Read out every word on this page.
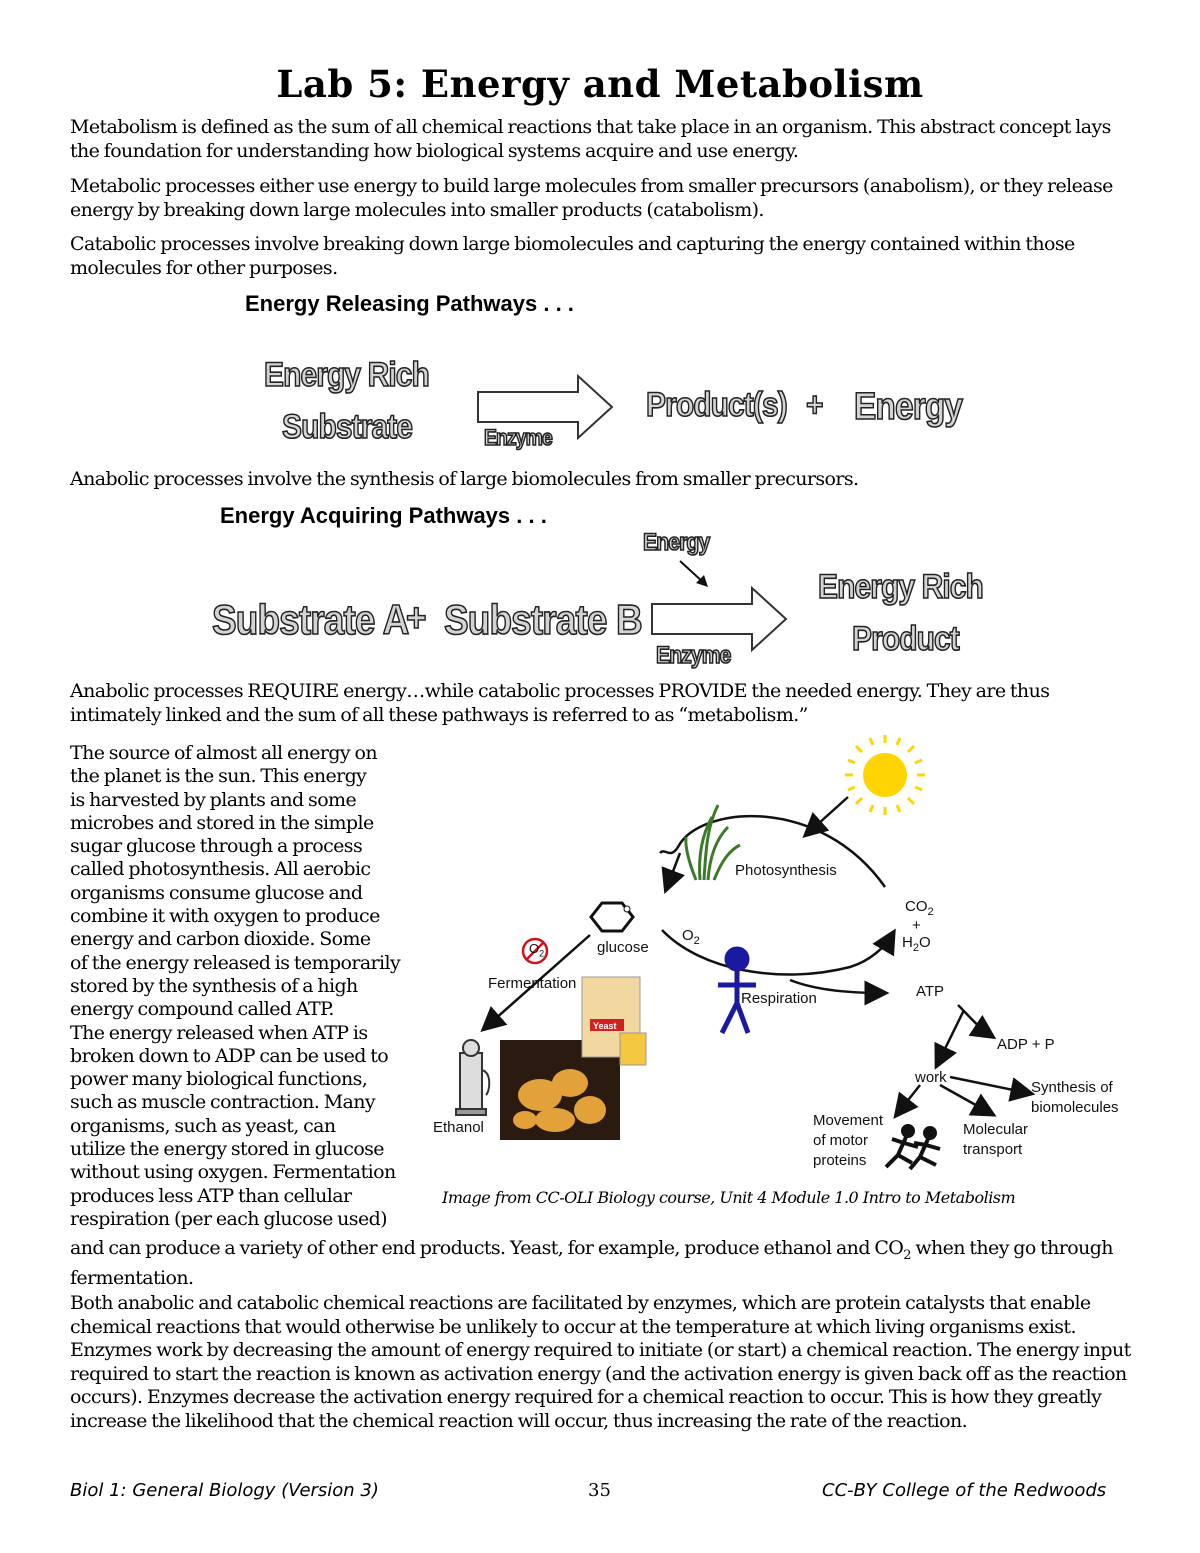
Lab 5: Energy and Metabolism
Metabolism is defined as the sum of all chemical reactions that take place in an organism. This abstract concept lays the foundation for understanding how biological systems acquire and use energy.
Metabolic processes either use energy to build large molecules from smaller precursors (anabolism), or they release energy by breaking down large molecules into smaller products (catabolism).
Catabolic processes involve breaking down large biomolecules and capturing the energy contained within those molecules for other purposes.
Energy Releasing Pathways . . .
Energy Rich
Substrate	Enzyme
Product(s) + Energy
Anabolic processes involve the synthesis of large biomolecules from smaller precursors.
Energy Acquiring Pathways . . .
Energy
Substrate A
+ Substrate B
Enzyme
Energy Rich
Product
Anabolic processes REQUIRE energy…while catabolic processes PROVIDE the needed energy. They are thus intimately linked and the sum of all these pathways is referred to as “metabolism.”
The source of almost all energy on
the planet is the sun. This energy
is harvested by plants and some
microbes and stored in the simple
sugar glucose through a process
called photosynthesis. All aerobic
organisms consume glucose and
combine it with oxygen to produce
energy and carbon dioxide. Some
of the energy released is temporarily
stored by the synthesis of a high
energy compound called ATP.
The energy released when ATP is
broken down to ADP can be used to
power many biological functions,
such as muscle contraction. Many
organisms, such as yeast, can
utilize the energy stored in glucose
without using oxygen. Fermentation
produces less ATP than cellular
respiration (per each glucose used)
Photosynthesis
$CO_2$
+
$H_2O$
glucose
$O_2$
$O_2$
Fermentation
Respiration	ATP
ADP + P
work
Synthesis of
biomolecules
Molecular
transport
Movement
of motor
proteins
Ethanol
Yeast
Image from CC-OLI Biology course, Unit 4 Module 1.0 Intro to Metabolism
and can produce a variety of other end products. Yeast, for example, produce ethanol and $CO_2$ when they go through fermentation.
Both anabolic and catabolic chemical reactions are facilitated by enzymes, which are protein catalysts that enable chemical reactions that would otherwise be unlikely to occur at the temperature at which living organisms exist. Enzymes work by decreasing the amount of energy required to initiate (or start) a chemical reaction. The energy input required to start the reaction is known as activation energy (and the activation energy is given back off as the reaction occurs). Enzymes decrease the activation energy required for a chemical reaction to occur. This is how they greatly increase the likelihood that the chemical reaction will occur, thus increasing the rate of the reaction.
Biol 1: General Biology (Version 3)	35	CC-BY College of the Redwoods
